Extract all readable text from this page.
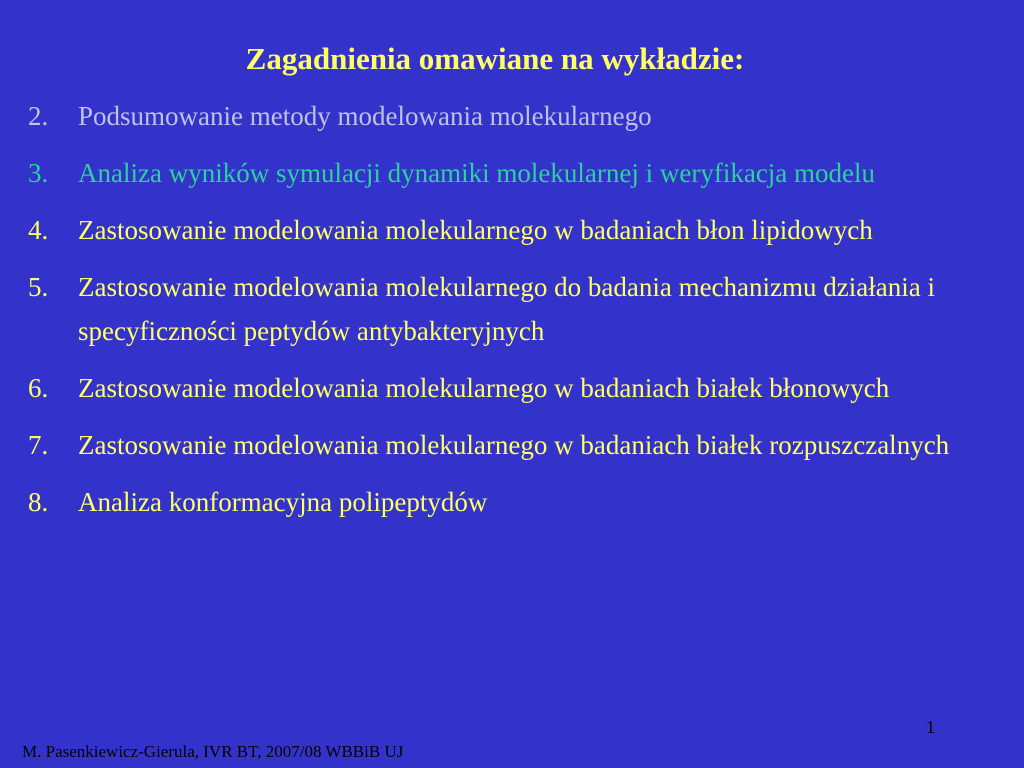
Zagadnienia omawiane na wykładzie:
2.	Podsumowanie metody modelowania molekularnego
3.	Analiza wyników symulacji dynamiki molekularnej i weryfikacja modelu
4.	Zastosowanie modelowania molekularnego w badaniach błon lipidowych
5.	Zastosowanie modelowania molekularnego do badania mechanizmu działania i specyficzności peptydów antybakteryjnych
6.	Zastosowanie modelowania molekularnego w badaniach białek błonowych
7.	Zastosowanie modelowania molekularnego w badaniach białek rozpuszczalnych
8.	Analiza konformacyjna polipeptydów
1
M. Pasenkiewicz-Gierula, IVR BT, 2007/08 WBBiB UJ
